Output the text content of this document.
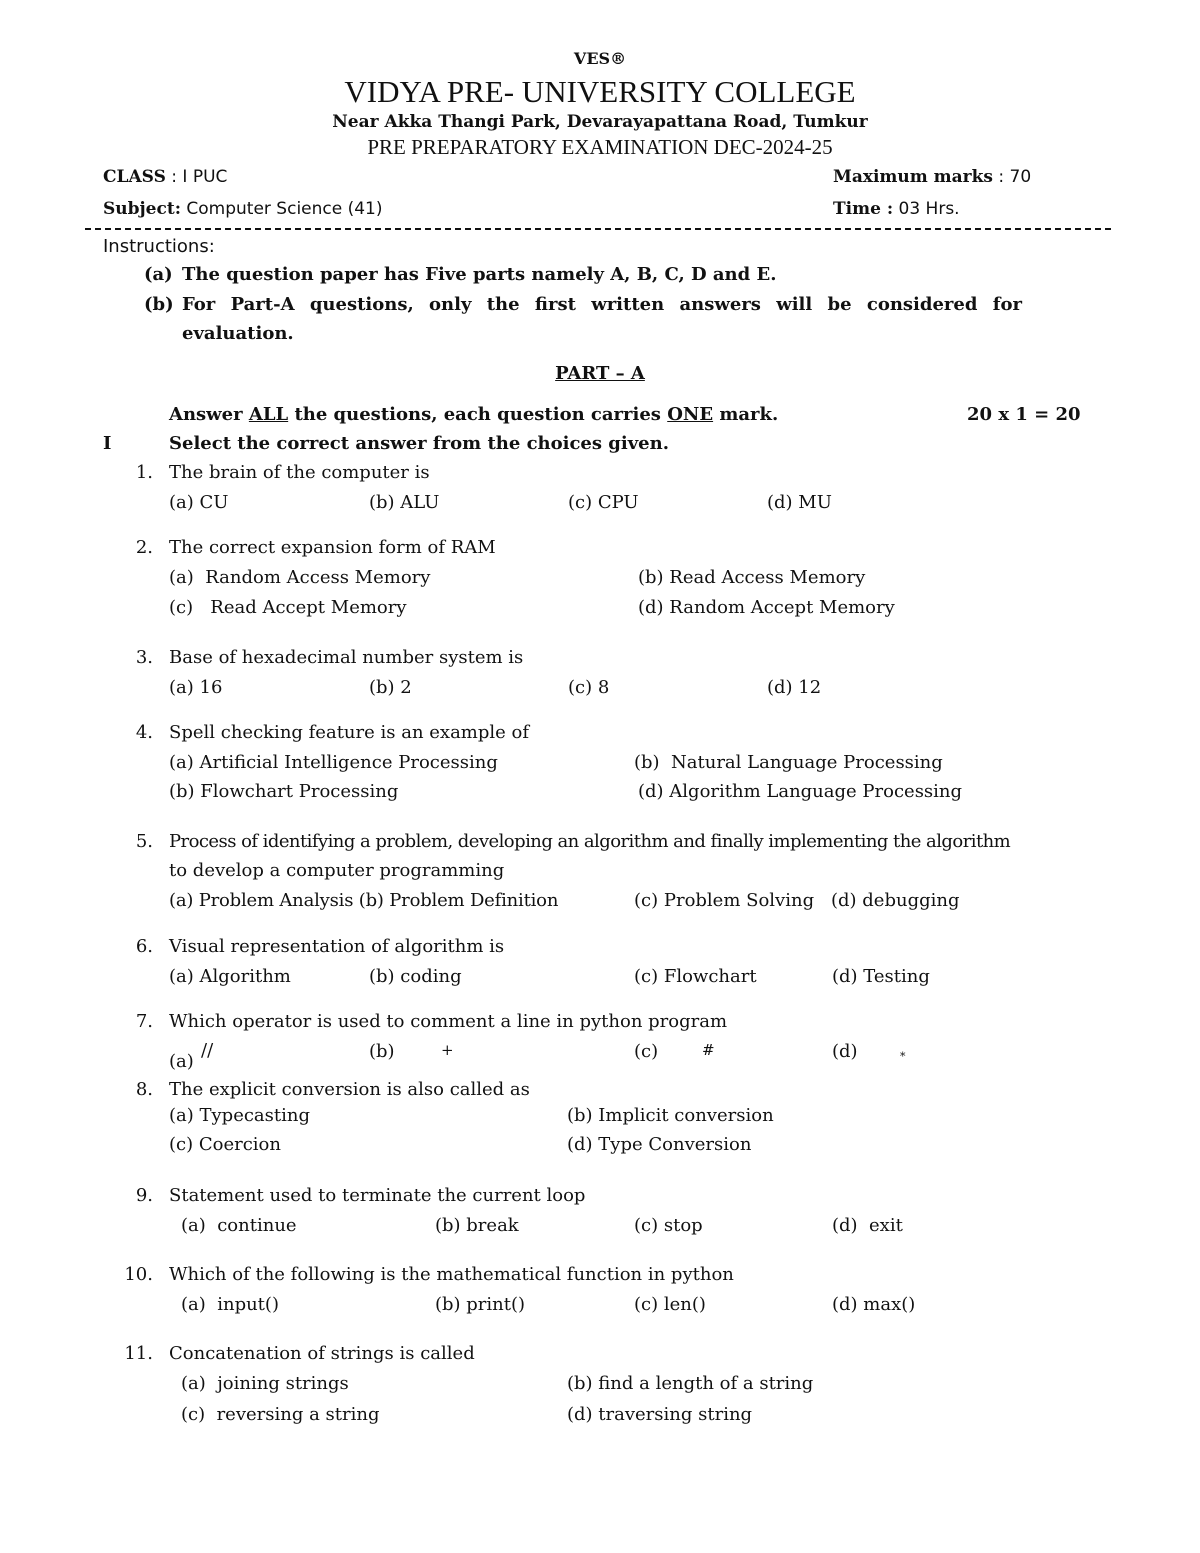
VES®
VIDYA PRE- UNIVERSITY COLLEGE
Near Akka Thangi Park, Devarayapattana Road, Tumkur
PRE PREPARATORY EXAMINATION DEC-2024-25
CLASS : I PUC	Maximum marks : 70
Subject: Computer Science (41)	Time : 03 Hrs.
Instructions:
(a) The question paper has Five parts namely A, B, C, D and E.
(b) For Part-A questions, only the first written answers will be considered for
evaluation.
PART – A
Answer ALL the questions, each question carries ONE mark.	20 x 1 = 20
I	Select the correct answer from the choices given.
1. The brain of the computer is
(a) CU	(b) ALU	(c) CPU	(d) MU
2. The correct expansion form of RAM
(a)  Random Access Memory	(b) Read Access Memory
(c)   Read Accept Memory	(d) Random Accept Memory
3. Base of hexadecimal number system is
(a) 16	(b) 2	(c) 8	(d) 12
4. Spell checking feature is an example of
(a) Artificial Intelligence Processing	(b)  Natural Language Processing
(b) Flowchart Processing	(d) Algorithm Language Processing
5. Process of identifying a problem, developing an algorithm and finally implementing the algorithm
to develop a computer programming
(a) Problem Analysis (b) Problem Definition	(c) Problem Solving (d) debugging
6. Visual representation of algorithm is
(a) Algorithm	(b) coding	(c) Flowchart	(d) Testing
7. Which operator is used to comment a line in python program
(a)
//	(b)	+	(c)	#	(d)	*
8. The explicit conversion is also called as
(a) Typecasting	(b) Implicit conversion
(c) Coercion	(d) Type Conversion
9. Statement used to terminate the current loop
(a)  continue	(b) break	(c) stop	(d)  exit
10. Which of the following is the mathematical function in python
(a)  input()	(b) print()	(c) len()	(d) max()
11. Concatenation of strings is called
(a)  joining strings	(b) find a length of a string
(c)  reversing a string	(d) traversing string
